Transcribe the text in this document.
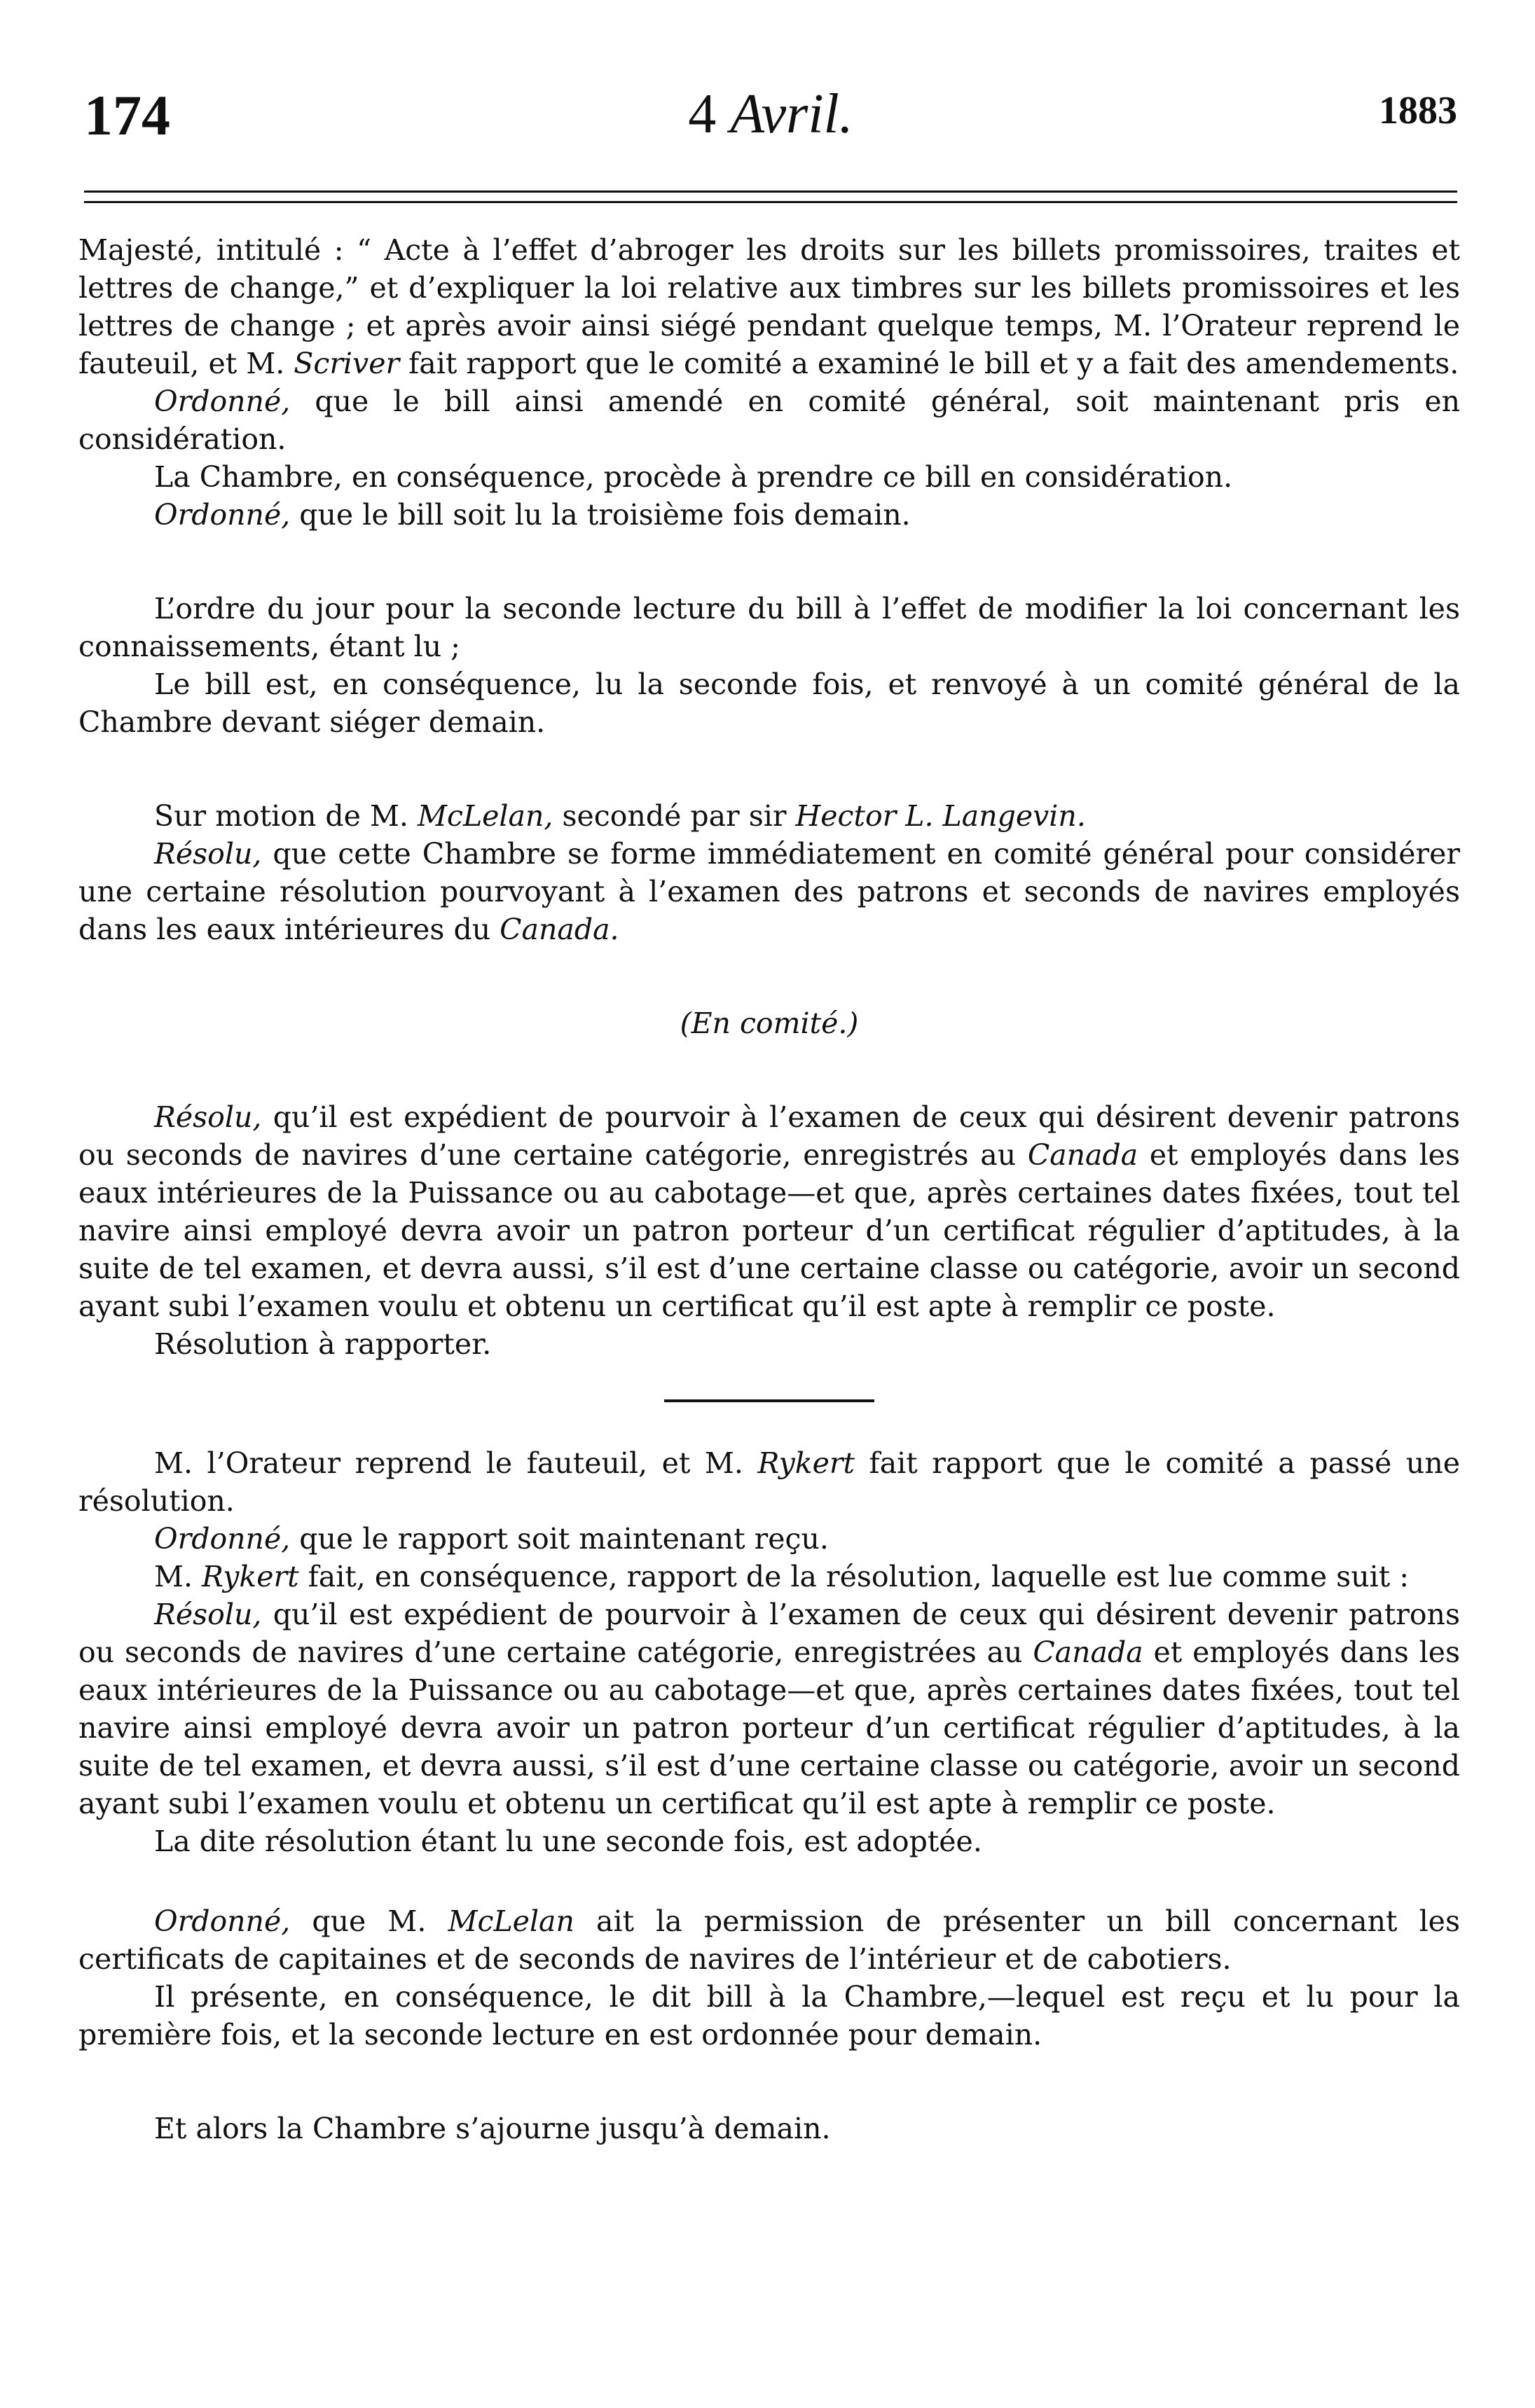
174	4 Avril.	1883

Majesté, intitulé : “ Acte à l’effet d’abroger les droits sur les billets promissoires, traites et lettres de change,” et d’expliquer la loi relative aux timbres sur les billets promissoires et les lettres de change ; et après avoir ainsi siégé pendant quelque temps, M. l’Orateur reprend le fauteuil, et M. Scriver fait rapport que le comité a examiné le bill et y a fait des amendements.

Ordonné, que le bill ainsi amendé en comité général, soit maintenant pris en considération.

La Chambre, en conséquence, procède à prendre ce bill en considération.

Ordonné, que le bill soit lu la troisième fois demain.

L’ordre du jour pour la seconde lecture du bill à l’effet de modifier la loi concernant les connaissements, étant lu ;

Le bill est, en conséquence, lu la seconde fois, et renvoyé à un comité général de la Chambre devant siéger demain.

Sur motion de M. McLelan, secondé par sir Hector L. Langevin.

Résolu, que cette Chambre se forme immédiatement en comité général pour considérer une certaine résolution pourvoyant à l’examen des patrons et seconds de navires employés dans les eaux intérieures du Canada.

(En comité.)

Résolu, qu’il est expédient de pourvoir à l’examen de ceux qui désirent devenir patrons ou seconds de navires d’une certaine catégorie, enregistrés au Canada et employés dans les eaux intérieures de la Puissance ou au cabotage—et que, après certaines dates fixées, tout tel navire ainsi employé devra avoir un patron porteur d’un certificat régulier d’aptitudes, à la suite de tel examen, et devra aussi, s’il est d’une certaine classe ou catégorie, avoir un second ayant subi l’examen voulu et obtenu un certificat qu’il est apte à remplir ce poste.

Résolution à rapporter.

M. l’Orateur reprend le fauteuil, et M. Rykert fait rapport que le comité a passé une résolution.

Ordonné, que le rapport soit maintenant reçu.

M. Rykert fait, en conséquence, rapport de la résolution, laquelle est lue comme suit :

Résolu, qu’il est expédient de pourvoir à l’examen de ceux qui désirent devenir patrons ou seconds de navires d’une certaine catégorie, enregistrées au Canada et employés dans les eaux intérieures de la Puissance ou au cabotage—et que, après certaines dates fixées, tout tel navire ainsi employé devra avoir un patron porteur d’un certificat régulier d’aptitudes, à la suite de tel examen, et devra aussi, s’il est d’une certaine classe ou catégorie, avoir un second ayant subi l’examen voulu et obtenu un certificat qu’il est apte à remplir ce poste.

La dite résolution étant lu une seconde fois, est adoptée.

Ordonné, que M. McLelan ait la permission de présenter un bill concernant les certificats de capitaines et de seconds de navires de l’intérieur et de cabotiers.

Il présente, en conséquence, le dit bill à la Chambre,—lequel est reçu et lu pour la première fois, et la seconde lecture en est ordonnée pour demain.

Et alors la Chambre s’ajourne jusqu’à demain.
